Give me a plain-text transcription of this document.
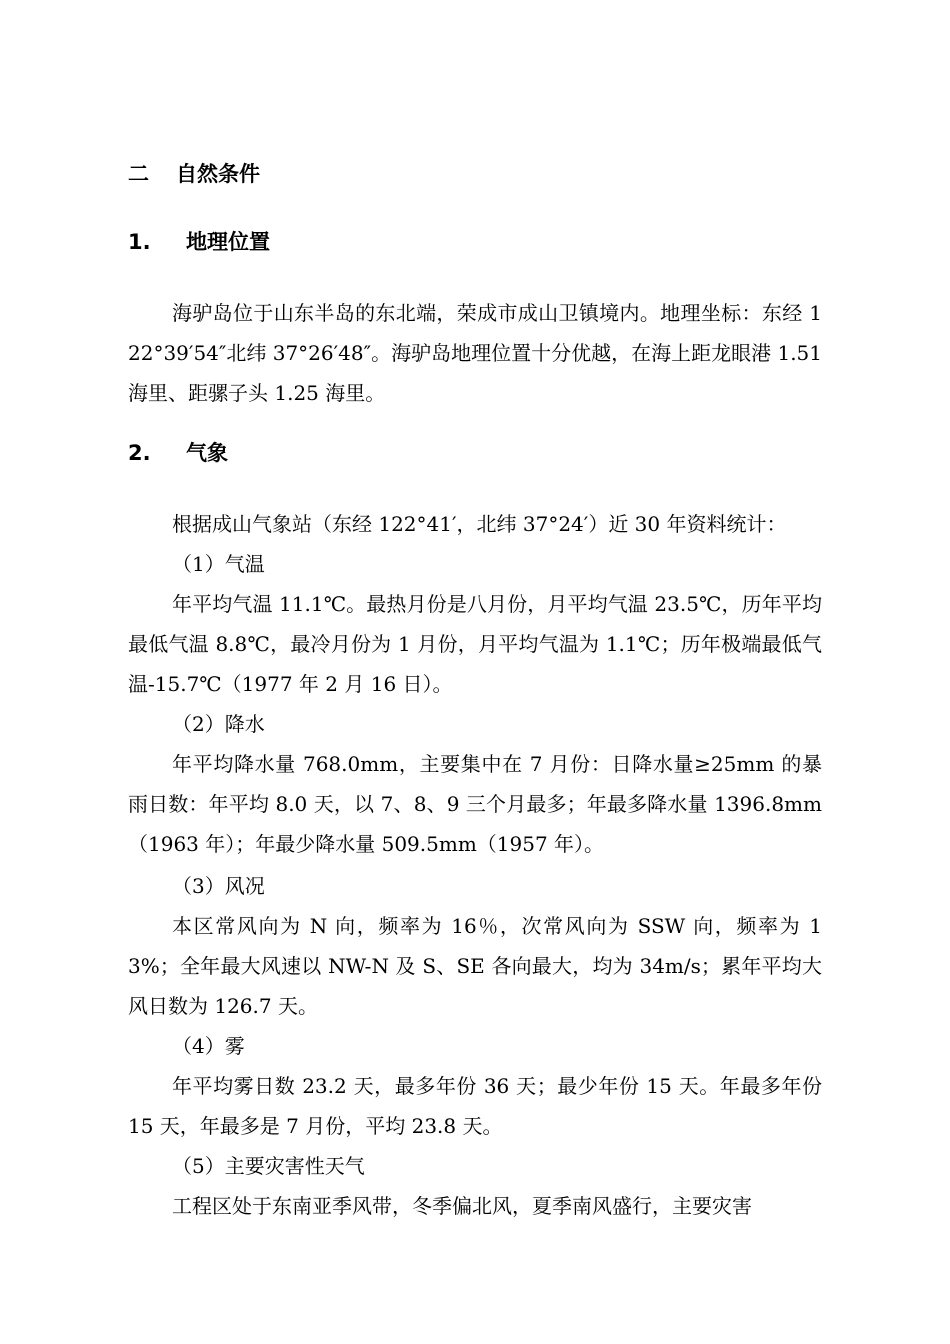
二 自然条件
1. 地理位置

海驴岛位于山东半岛的东北端，荣成市成山卫镇境内。地理坐标：东经 122°39′54″北纬 37°26′48″。海驴岛地理位置十分优越，在海上距龙眼港 1.51 海里、距骡子头 1.25 海里。

2. 气象

根据成山气象站（东经 122°41′，北纬 37°24′）近 30 年资料统计：

（1）气温

年平均气温 11.1℃。最热月份是八月份，月平均气温 23.5℃，历年平均最低气温 8.8℃，最冷月份为 1 月份，月平均气温为 1.1℃；历年极端最低气温-15.7℃（1977 年 2 月 16 日）。

（2）降水

年平均降水量 768.0mm，主要集中在 7 月份：日降水量≥25mm 的暴雨日数：年平均 8.0 天，以 7、8、9 三个月最多；年最多降水量 1396.8mm（1963 年）；年最少降水量 509.5mm（1957 年）。

（3）风况

本区常风向为 N 向，频率为 16％，次常风向为 SSW 向，频率为 13%；全年最大风速以 NW-N 及 S、SE 各向最大，均为 34m/s；累年平均大风日数为 126.7 天。

（4）雾

年平均雾日数 23.2 天，最多年份 36 天；最少年份 15 天。年最多年份 15 天，年最多是 7 月份，平均 23.8 天。

（5）主要灾害性天气

工程区处于东南亚季风带，冬季偏北风，夏季南风盛行，主要灾害
